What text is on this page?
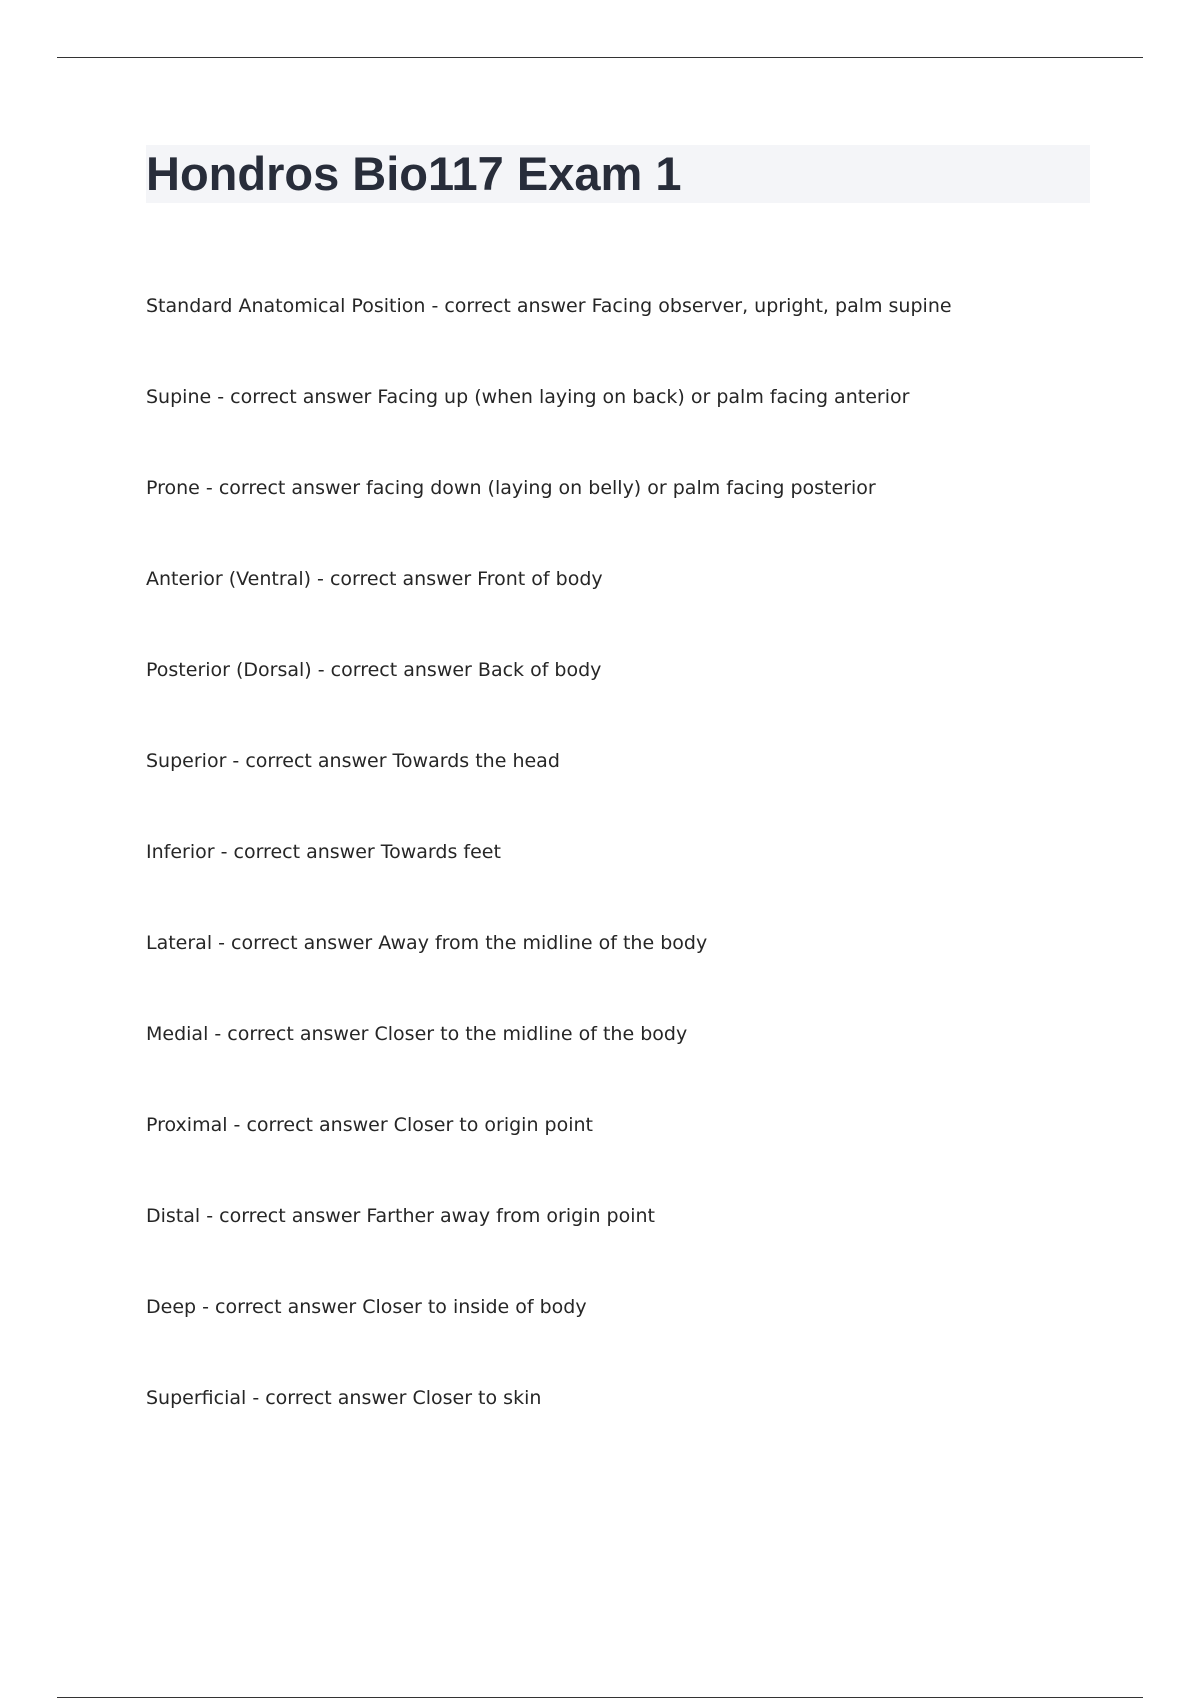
Hondros Bio117 Exam 1
Standard Anatomical Position - correct answer Facing observer, upright, palm supine
Supine - correct answer Facing up (when laying on back) or palm facing anterior
Prone - correct answer facing down (laying on belly) or palm facing posterior
Anterior (Ventral) - correct answer Front of body
Posterior (Dorsal) - correct answer Back of body
Superior - correct answer Towards the head
Inferior - correct answer Towards feet
Lateral - correct answer Away from the midline of the body
Medial - correct answer Closer to the midline of the body
Proximal - correct answer Closer to origin point
Distal - correct answer Farther away from origin point
Deep - correct answer Closer to inside of body
Superficial - correct answer Closer to skin
